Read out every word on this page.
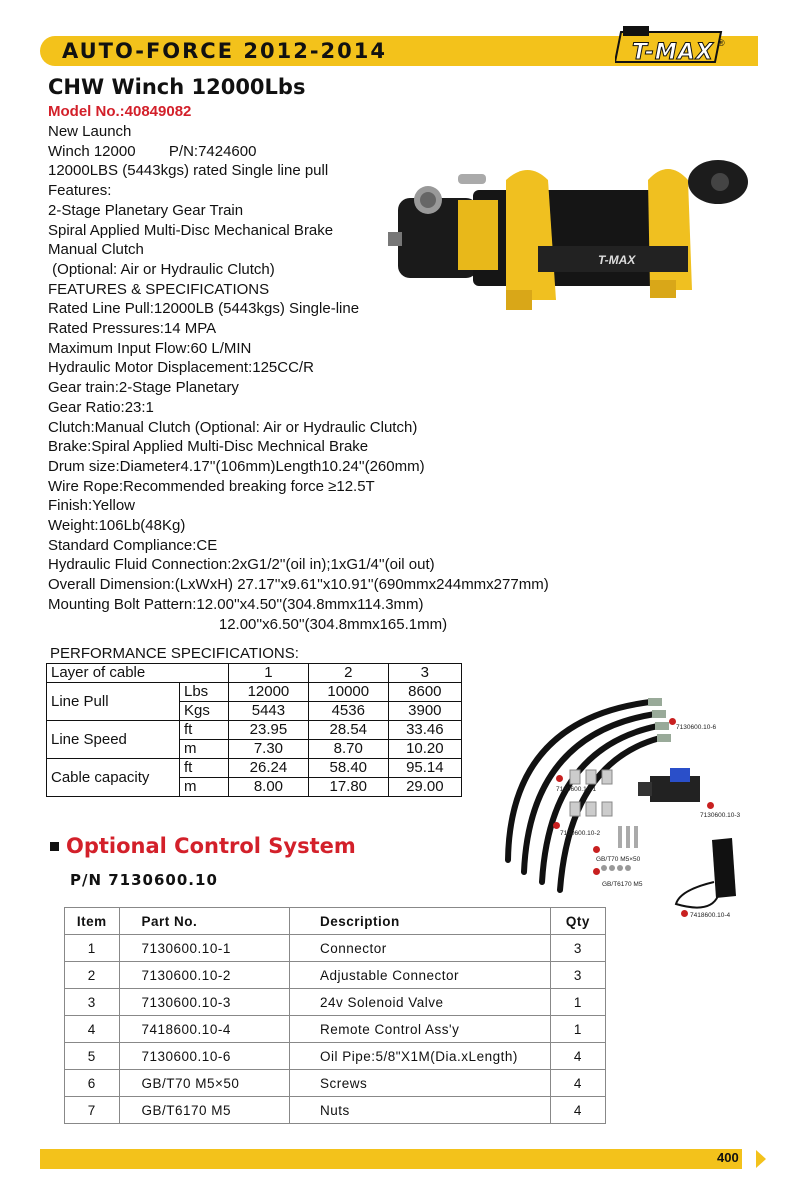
AUTO-FORCE 2012-2014	T-MAX ®
CHW Winch 12000Lbs
Model No.:40849082
New Launch
Winch 12000        P/N:7424600
12000LBS (5443kgs) rated Single line pull
Features:
2-Stage Planetary Gear Train
Spiral Applied Multi-Disc Mechanical Brake
Manual Clutch
(Optional: Air or Hydraulic Clutch)
FEATURES & SPECIFICATIONS
Rated Line Pull:12000LB (5443kgs) Single-line
Rated Pressures:14 MPA
Maximum Input Flow:60 L/MIN
Hydraulic Motor Displacement:125CC/R
Gear train:2-Stage Planetary
Gear Ratio:23:1
Clutch:Manual Clutch (Optional: Air or Hydraulic Clutch)
Brake:Spiral Applied Multi-Disc Mechnical Brake
Drum size:Diameter4.17''(106mm)Length10.24''(260mm)
Wire Rope:Recommended breaking force ≥12.5T
Finish:Yellow
Weight:106Lb(48Kg)
Standard Compliance:CE
Hydraulic Fluid Connection:2xG1/2''(oil in);1xG1/4''(oil out)
Overall Dimension:(LxWxH) 27.17''x9.61''x10.91''(690mmx244mmx277mm)
Mounting Bolt Pattern:12.00''x4.50''(304.8mmx114.3mm)
12.00''x6.50''(304.8mmx165.1mm)
T-MAX
PERFORMANCE SPECIFICATIONS:
Layer of cable		1	2	3
Line Pull	Lbs	12000	10000	8600
	Kgs	5443	4536	3900
Line Speed	ft	23.95	28.54	33.46
	m	7.30	8.70	10.20
Cable capacity	ft	26.24	58.40	95.14
	m	8.00	17.80	29.00
7130600.10-6
7130600.10-1
7130600.10-2
7130600.10-3
GB/T70 M5×50
GB/T6170 M5
7418600.10-4
Optional Control System
P/N 7130600.10
Item	Part No.	Description	Qty
1	7130600.10-1	Connector	3
2	7130600.10-2	Adjustable Connector	3
3	7130600.10-3	24v Solenoid Valve	1
4	7418600.10-4	Remote Control Ass'y	1
5	7130600.10-6	Oil Pipe:5/8"X1M(Dia.xLength)	4
6	GB/T70 M5×50	Screws	4
7	GB/T6170 M5	Nuts	4
400
